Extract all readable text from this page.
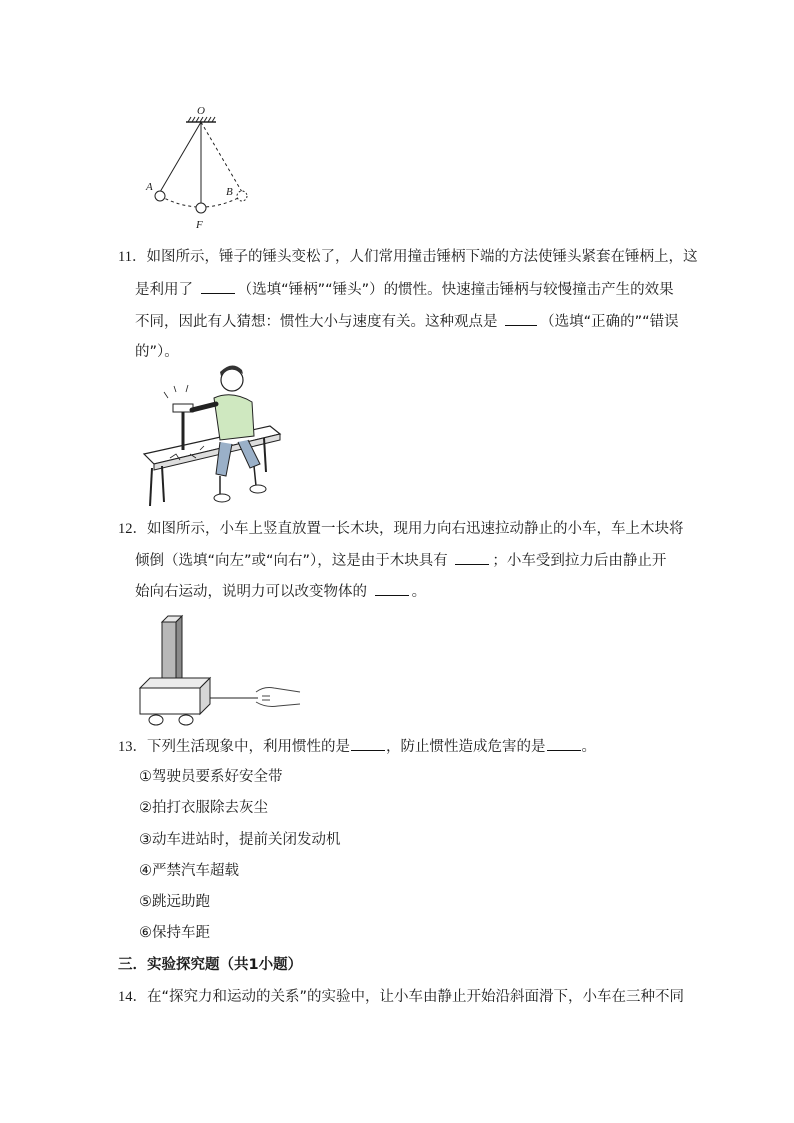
O
A	B
F
11．如图所示，锤子的锤头变松了，人们常用撞击锤柄下端的方法使锤头紧套在锤柄上，这
是利用了	（选填“锤柄”“锤头”）的惯性。快速撞击锤柄与较慢撞击产生的效果
不同，因此有人猜想：惯性大小与速度有关。这种观点是	（选填“正确的”“错误
的”）。
12．如图所示，小车上竖直放置一长木块，现用力向右迅速拉动静止的小车，车上木块将
倾倒（选填“向左”或“向右”），这是由于木块具有	；小车受到拉力后由静止开
始向右运动，说明力可以改变物体的	。
13．下列生活现象中，利用惯性的是 ，防止惯性造成危害的是 。
①驾驶员要系好安全带
②拍打衣服除去灰尘
③动车进站时，提前关闭发动机
④严禁汽车超载
⑤跳远助跑
⑥保持车距
三．实验探究题（共1小题）
14．在“探究力和运动的关系”的实验中，让小车由静止开始沿斜面滑下，小车在三种不同
